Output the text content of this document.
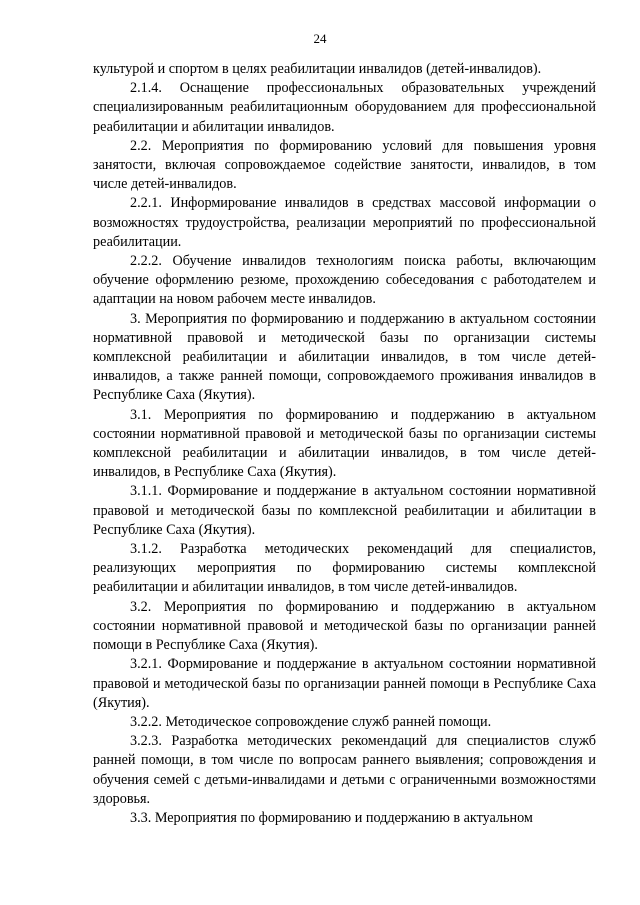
24

культурой и спортом в целях реабилитации инвалидов (детей-инвалидов).

2.1.4. Оснащение профессиональных образовательных учреждений специализированным реабилитационным оборудованием для профессиональной реабилитации и абилитации инвалидов.

2.2. Мероприятия по формированию условий для повышения уровня занятости, включая сопровождаемое содействие занятости, инвалидов, в том числе детей-инвалидов.

2.2.1. Информирование инвалидов в средствах массовой информации о возможностях трудоустройства, реализации мероприятий по профессиональной реабилитации.

2.2.2. Обучение инвалидов технологиям поиска работы, включающим обучение оформлению резюме, прохождению собеседования с работодателем и адаптации на новом рабочем месте инвалидов.

3. Мероприятия по формированию и поддержанию в актуальном состоянии нормативной правовой и методической базы по организации системы комплексной реабилитации и абилитации инвалидов, в том числе детей-инвалидов, а также ранней помощи, сопровождаемого проживания инвалидов в Республике Саха (Якутия).

3.1. Мероприятия по формированию и поддержанию в актуальном состоянии нормативной правовой и методической базы по организации системы комплексной реабилитации и абилитации инвалидов, в том числе детей-инвалидов, в Республике Саха (Якутия).

3.1.1. Формирование и поддержание в актуальном состоянии нормативной правовой и методической базы по комплексной реабилитации и абилитации в Республике Саха (Якутия).

3.1.2. Разработка методических рекомендаций для специалистов, реализующих мероприятия по формированию системы комплексной реабилитации и абилитации инвалидов, в том числе детей-инвалидов.

3.2. Мероприятия по формированию и поддержанию в актуальном состоянии нормативной правовой и методической базы по организации ранней помощи в Республике Саха (Якутия).

3.2.1. Формирование и поддержание в актуальном состоянии нормативной правовой и методической базы по организации ранней помощи в Республике Саха (Якутия).

3.2.2. Методическое сопровождение служб ранней помощи.

3.2.3. Разработка методических рекомендаций для специалистов служб ранней помощи, в том числе по вопросам раннего выявления; сопровождения и обучения семей с детьми-инвалидами и детьми с ограниченными возможностями здоровья.

3.3. Мероприятия по формированию и поддержанию в актуальном
